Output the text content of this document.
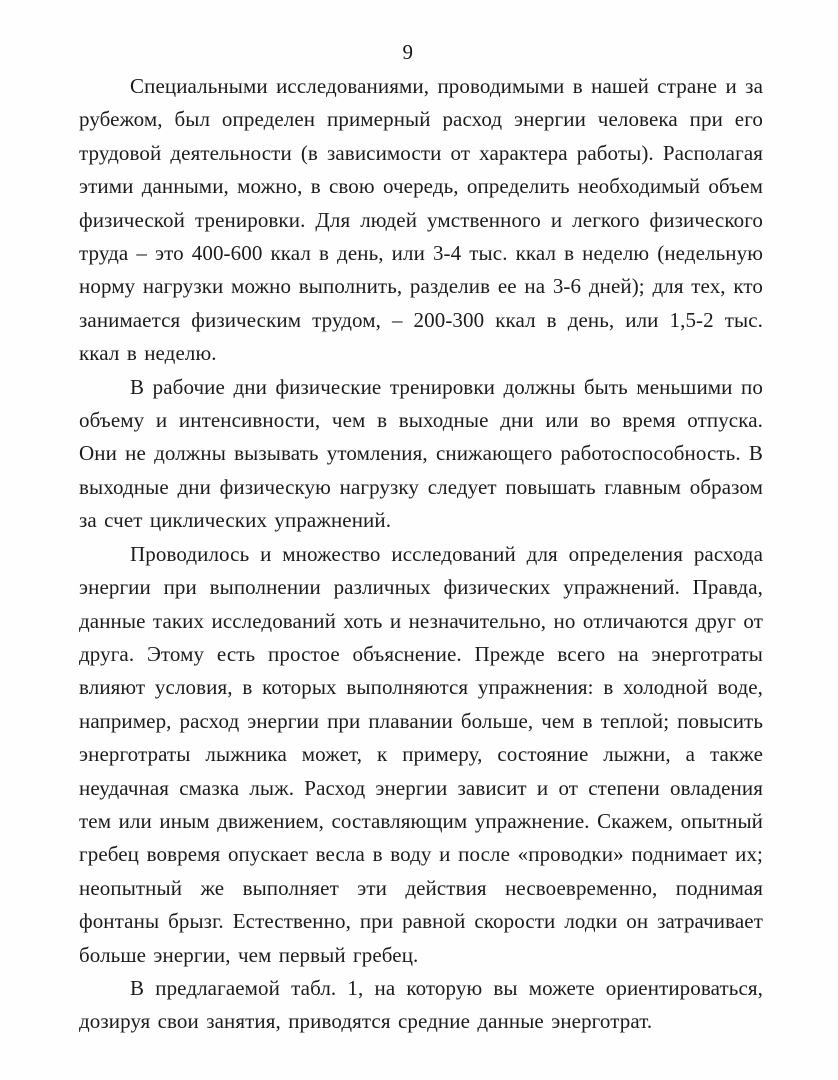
9

Специальными исследованиями, проводимыми в нашей стране и за рубежом, был определен примерный расход энергии человека при его трудовой деятельности (в зависимости от характера работы). Располагая этими данными, можно, в свою очередь, определить необходимый объем физической тренировки. Для людей умственного и легкого физического труда – это 400-600 ккал в день, или 3-4 тыс. ккал в неделю (недельную норму нагрузки можно выполнить, разделив ее на 3-6 дней); для тех, кто занимается физическим трудом, – 200-300 ккал в день, или 1,5-2 тыс. ккал в неделю.

В рабочие дни физические тренировки должны быть меньшими по объему и интенсивности, чем в выходные дни или во время отпуска. Они не должны вызывать утомления, снижающего работоспособность. В выходные дни физическую нагрузку следует повышать главным образом за счет циклических упражнений.

Проводилось и множество исследований для определения расхода энергии при выполнении различных физических упражнений. Правда, данные таких исследований хоть и незначительно, но отличаются друг от друга. Этому есть простое объяснение. Прежде всего на энерготраты влияют условия, в которых выполняются упражнения: в холодной воде, например, расход энергии при плавании больше, чем в теплой; повысить энерготраты лыжника может, к примеру, состояние лыжни, а также неудачная смазка лыж. Расход энергии зависит и от степени овладения тем или иным движением, составляющим упражнение. Скажем, опытный гребец вовремя опускает весла в воду и после «проводки» поднимает их; неопытный же выполняет эти действия несвоевременно, поднимая фонтаны брызг. Естественно, при равной скорости лодки он затрачивает больше энергии, чем первый гребец.

В предлагаемой табл. 1, на которую вы можете ориентироваться, дозируя свои занятия, приводятся средние данные энерготрат.
